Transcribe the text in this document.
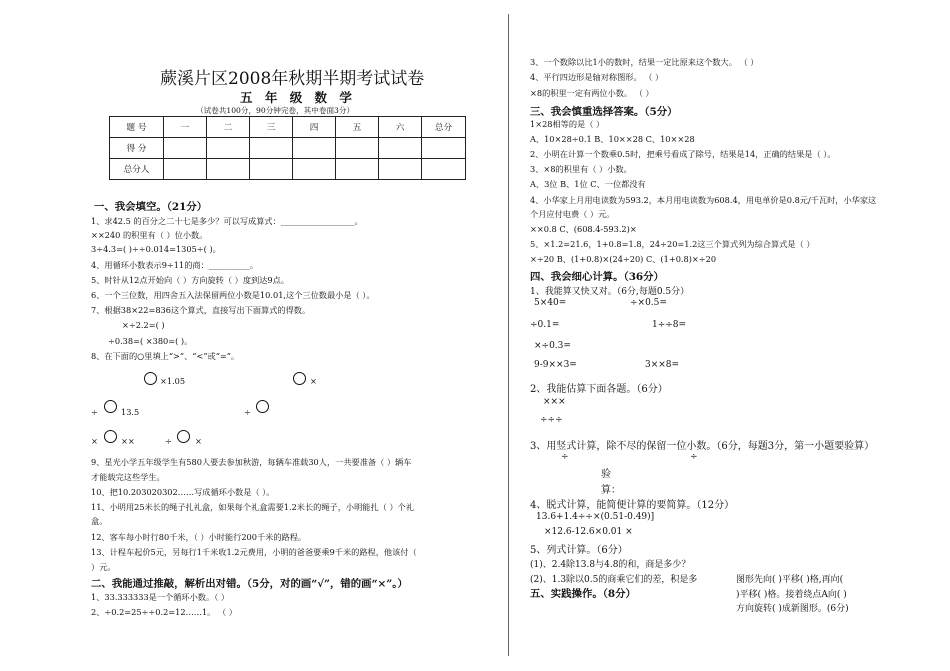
蕨溪片区2008年秋期半期考试试卷
五 年 级 数 学
（试卷共100分，90分钟完卷，其中卷面3分）
题 号	一	二	三	四	五	六	总分
得 分							
总分人							
一、我会填空。（21分）
1、求42.5 的百分之二十七是多少？可以写成算式：__________________。
××240 的积里有（ ）位小数。
3÷4.3=( )÷÷0.014=1305÷( )。
4、用循环小数表示9÷11的商：__________。
5、时针从12点开始向（ ）方向旋转（ ）度到达9点。
6、一个三位数，用四舍五入法保留两位小数是10.01,这个三位数最小是（ ）。
7、根据38×22=836这个算式，直接写出下面算式的得数。
×÷2.2=( )
÷0.38=( ×380=( )。
8、在下面的○里填上“>”、“<”或“=”。
×1.05	×
÷	13.5	÷
×	××	÷	×
9、星光小学五年级学生有580人要去参加秋游，每辆车准载30人，一共要准备（ ）辆车
才能载完这些学生。
10、把10.203020302……写成循环小数是（ ）。
11、小明用25米长的绳子扎礼盒，如果每个礼盒需要1.2米长的绳子，小明能扎（ ）个礼
盒。
12、客车每小时行80千米，（ ）小时能行200千米的路程。
13、计程车起价5元，另每行1千米收1.2元费用，小明的爸爸要乘9千米的路程，他该付（
）元。
二、我能通过推敲，解析出对错。（5分，对的画“√”，错的画“×”。）
1、33.333333是一个循环小数。（ ）
2、÷0.2=25÷÷0.2=12……1。 （ ）
3、一个数除以比1小的数时，结果一定比原来这个数大。 （ ）
4、平行四边形是轴对称图形。 （ ）
×8的积里一定有两位小数。 （ ）
三、我会慎重选择答案。（5分）
1×28相等的是（ ）
A、10×28÷0.1 B、10××28 C、10××28
2、小明在计算一个数乘0.5时，把乘号看成了除号，结果是14，正确的结果是（ ）。
3、×8的积里有（ ）小数。
A、3位 B、1位 C、一位都没有
4、小华家上月用电读数为593.2，本月用电读数为608.4，用电单价是0.8元/千瓦时，小华家这
个月应付电费（ ）元。
××0.8 C、(608.4-593.2)×
5、×1.2=21.6，1+0.8=1.8，24÷20=1.2这三个算式列为综合算式是（ ）
×÷20 B、(1+0.8)×(24÷20) C、(1+0.8)×÷20
四、我会细心计算。（36分）
1、我能算又快又对。（6分,每题0.5分）
5×40=	÷×0.5=
÷0.1=	1÷÷8=
×÷0.3=
9-9××3=	3××8=
2、我能估算下面各题。（6分）
×××
÷÷÷
3、用竖式计算，除不尽的保留一位小数。（6分，每题3分，第一小题要验算）
÷	÷
验
算：
4、脱式计算，能简便计算的要简算。（12分）
13.6+1.4÷÷×(0.51-0.49)]
×12.6-12.6×0.01 ×
5、列式计算。（6分）
(1)、2.4除13.8与4.8的和，商是多少？
(2)、1.3除以0.5的商乘它们的差，积是多
五、实践操作。（8分）
图形先向( )平移( )格,再向(
)平移( )格。接着绕点A向( )
方向旋转( )成新图形。(6分)
